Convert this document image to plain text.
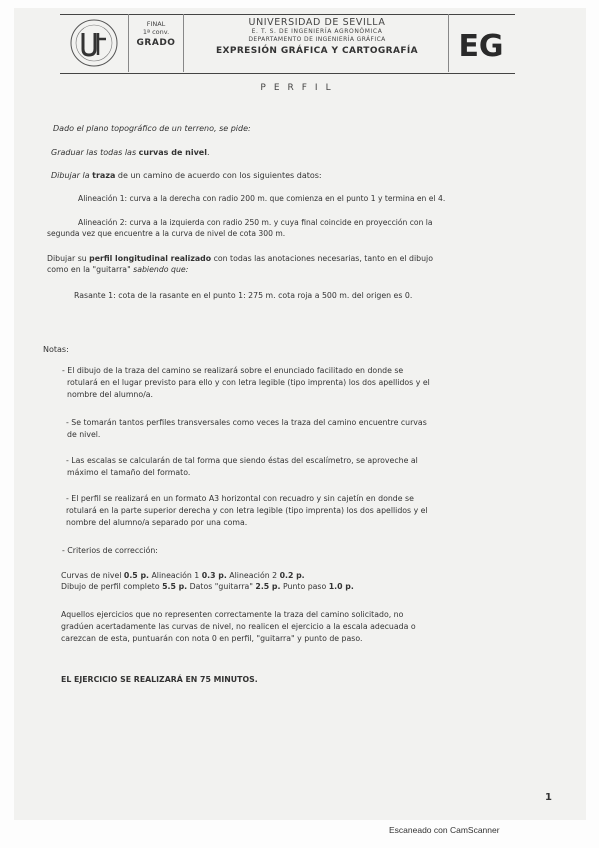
FINAL
1ª conv.
GRADO
UNIVERSIDAD DE SEVILLA
E. T. S. DE INGENIERÍA AGRONÓMICA
DEPARTAMENTO DE INGENIERÍA GRÁFICA
EXPRESIÓN GRÁFICA Y CARTOGRAFÍA	EG
PERFIL
Dado el plano topográfico de un terreno, se pide:
Graduar las todas las curvas de nivel.
Dibujar la traza de un camino de acuerdo con los siguientes datos:
Alineación 1: curva a la derecha con radio 200 m. que comienza en el punto 1 y termina en el 4.
Alineación 2: curva a la izquierda con radio 250 m. y cuya final coincide en proyección con la
segunda vez que encuentre a la curva de nivel de cota 300 m.
Dibujar su perfil longitudinal realizado con todas las anotaciones necesarias, tanto en el dibujo
como en la "guitarra" sabiendo que:
Rasante 1: cota de la rasante en el punto 1: 275 m. cota roja a 500 m. del origen es 0.
Notas:
- El dibujo de la traza del camino se realizará sobre el enunciado facilitado en donde se
rotulará en el lugar previsto para ello y con letra legible (tipo imprenta) los dos apellidos y el
nombre del alumno/a.
- Se tomarán tantos perfiles transversales como veces la traza del camino encuentre curvas
de nivel.
- Las escalas se calcularán de tal forma que siendo éstas del escalímetro, se aproveche al
máximo el tamaño del formato.
- El perfil se realizará en un formato A3 horizontal con recuadro y sin cajetín en donde se
rotulará en la parte superior derecha y con letra legible (tipo imprenta) los dos apellidos y el
nombre del alumno/a separado por una coma.
- Criterios de corrección:
Curvas de nivel 0.5 p. Alineación 1 0.3 p. Alineación 2 0.2 p.
Dibujo de perfil completo 5.5 p. Datos "guitarra" 2.5 p. Punto paso 1.0 p.
Aquellos ejercicios que no representen correctamente la traza del camino solicitado, no
gradúen acertadamente las curvas de nivel, no realicen el ejercicio a la escala adecuada o
carezcan de esta, puntuarán con nota 0 en perfil, "guitarra" y punto de paso.
EL EJERCICIO SE REALIZARÁ EN 75 MINUTOS.
1
Escaneado con CamScanner
